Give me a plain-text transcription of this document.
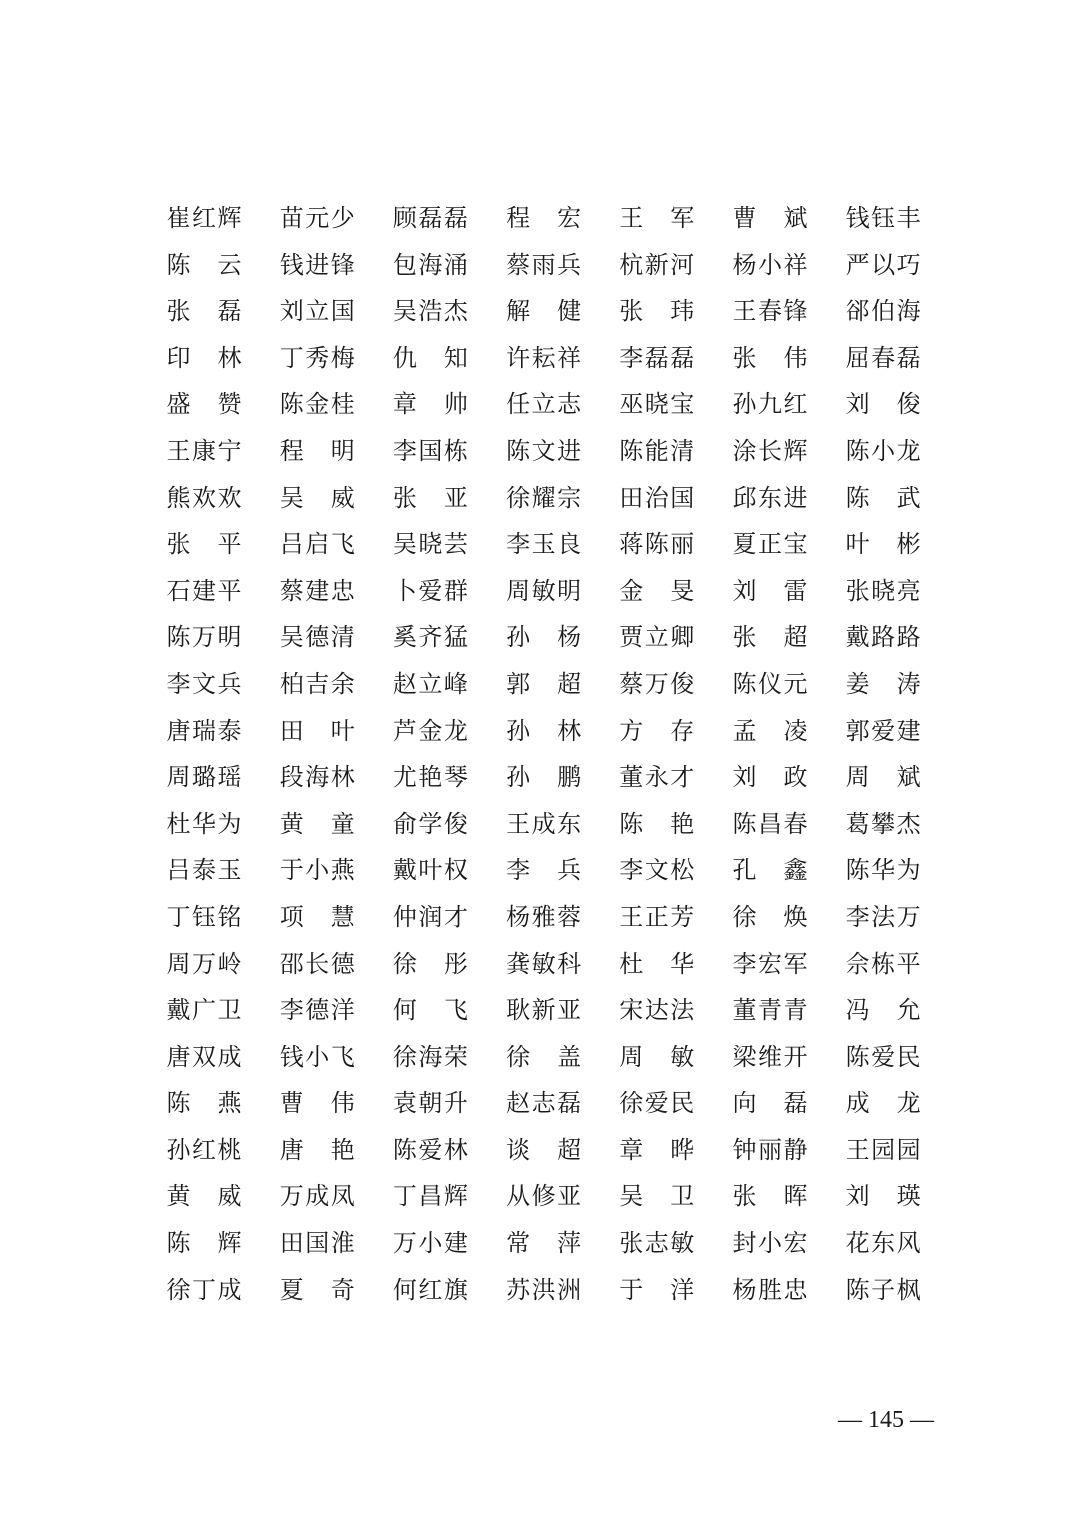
崔 红 辉 苗 元 少 顾 磊 磊 程 宏 王 军 曹 斌 钱 钰 丰
陈 云 钱 进 锋 包 海 涌 蔡 雨 兵 杭 新 河 杨 小 祥 严 以 巧
张 磊 刘 立 国 吴 浩 杰 解 健 张 玮 王 春 锋 郤 伯 海
印 林 丁 秀 梅 仇 知 许 耘 祥 李 磊 磊 张 伟 屈 春 磊
盛 赞 陈 金 桂 章 帅 任 立 志 巫 晓 宝 孙 九 红 刘 俊
王 康 宁 程 明 李 国 栋 陈 文 进 陈 能 清 涂 长 辉 陈 小 龙
熊 欢 欢 吴 威 张 亚 徐 耀 宗 田 治 国 邱 东 进 陈 武
张 平 吕 启 飞 吴 晓 芸 李 玉 良 蒋 陈 丽 夏 正 宝 叶 彬
石 建 平 蔡 建 忠 卜 爱 群 周 敏 明 金 旻 刘 雷 张 晓 亮
陈 万 明 吴 德 清 奚 齐 猛 孙 杨 贾 立 卿 张 超 戴 路 路
李 文 兵 柏 吉 余 赵 立 峰 郭 超 蔡 万 俊 陈 仪 元 姜 涛
唐 瑞 泰 田 叶 芦 金 龙 孙 林 方 存 孟 凌 郭 爱 建
周 璐 瑶 段 海 林 尤 艳 琴 孙 鹏 董 永 才 刘 政 周 斌
杜 华 为 黄 童 俞 学 俊 王 成 东 陈 艳 陈 昌 春 葛 攀 杰
吕 泰 玉 于 小 燕 戴 叶 权 李 兵 李 文 松 孔 鑫 陈 华 为
丁 钰 铭 项 慧 仲 润 才 杨 雅 蓉 王 正 芳 徐 焕 李 法 万
周 万 岭 邵 长 德 徐 彤 龚 敏 科 杜 华 李 宏 军 佘 栋 平
戴 广 卫 李 德 洋 何 飞 耿 新 亚 宋 达 法 董 青 青 冯 允
唐 双 成 钱 小 飞 徐 海 荣 徐 盖 周 敏 梁 维 开 陈 爱 民
陈 燕 曹 伟 袁 朝 升 赵 志 磊 徐 爱 民 向 磊 成 龙
孙 红 桃 唐 艳 陈 爱 林 谈 超 章 晔 钟 丽 静 王 园 园
黄 威 万 成 凤 丁 昌 辉 从 修 亚 吴 卫 张 晖 刘 瑛
陈 辉 田 国 淮 万 小 建 常 萍 张 志 敏 封 小 宏 花 东 风
徐 丁 成 夏 奇 何 红 旗 苏 洪 洲 于 洋 杨 胜 忠 陈 子 枫
— 145 —
